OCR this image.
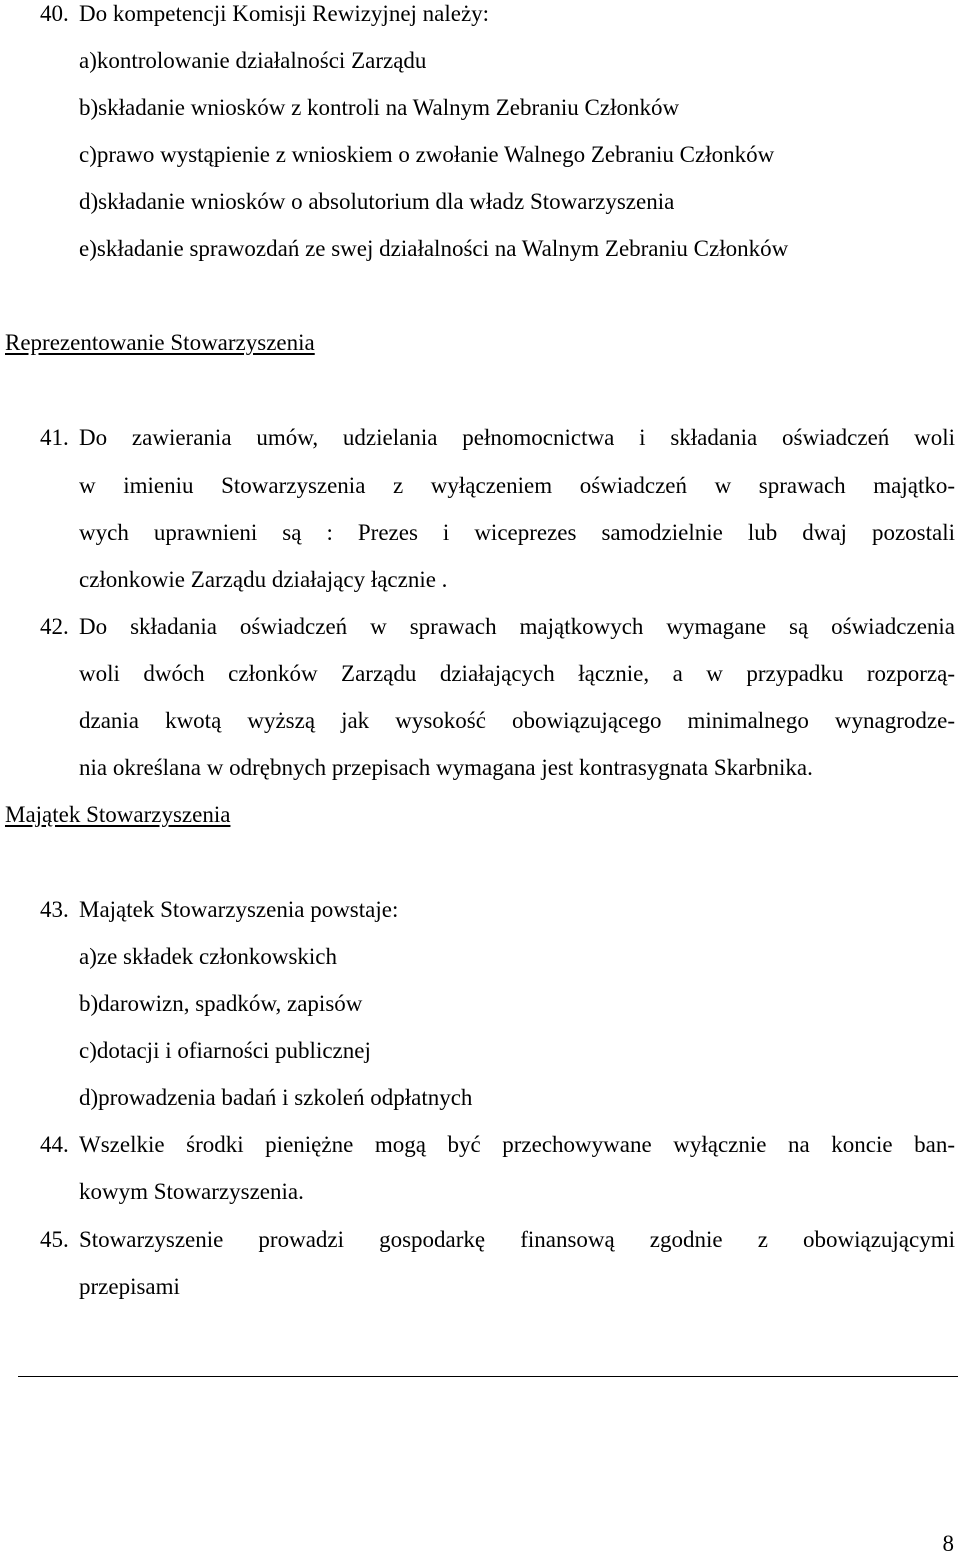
40. Do kompetencji Komisji Rewizyjnej należy:
a)kontrolowanie działalności Zarządu
b)składanie wniosków z kontroli na Walnym Zebraniu Członków
c)prawo wystąpienie z wnioskiem o zwołanie Walnego Zebraniu Członków
d)składanie wniosków o absolutorium dla władz Stowarzyszenia
e)składanie sprawozdań ze swej działalności na Walnym Zebraniu Członków
Reprezentowanie Stowarzyszenia
41. Do zawierania umów, udzielania pełnomocnictwa i składania oświadczeń woli
w imieniu Stowarzyszenia z wyłączeniem oświadczeń w sprawach majątko-
wych uprawnieni są : Prezes i wiceprezes samodzielnie lub dwaj pozostali
członkowie Zarządu działający łącznie .
42. Do składania oświadczeń w sprawach majątkowych wymagane są oświadczenia
woli dwóch członków Zarządu działających łącznie, a w przypadku rozporzą-
dzania kwotą wyższą jak wysokość obowiązującego minimalnego wynagrodze-
nia określana w odrębnych przepisach wymagana jest kontrasygnata Skarbnika.
Majątek Stowarzyszenia
43. Majątek Stowarzyszenia powstaje:
a)ze składek członkowskich
b)darowizn, spadków, zapisów
c)dotacji i ofiarności publicznej
d)prowadzenia badań i szkoleń odpłatnych
44. Wszelkie środki pieniężne mogą być przechowywane wyłącznie na koncie ban-
kowym Stowarzyszenia.
45. Stowarzyszenie prowadzi gospodarkę finansową zgodnie z obowiązującymi
przepisami
8
